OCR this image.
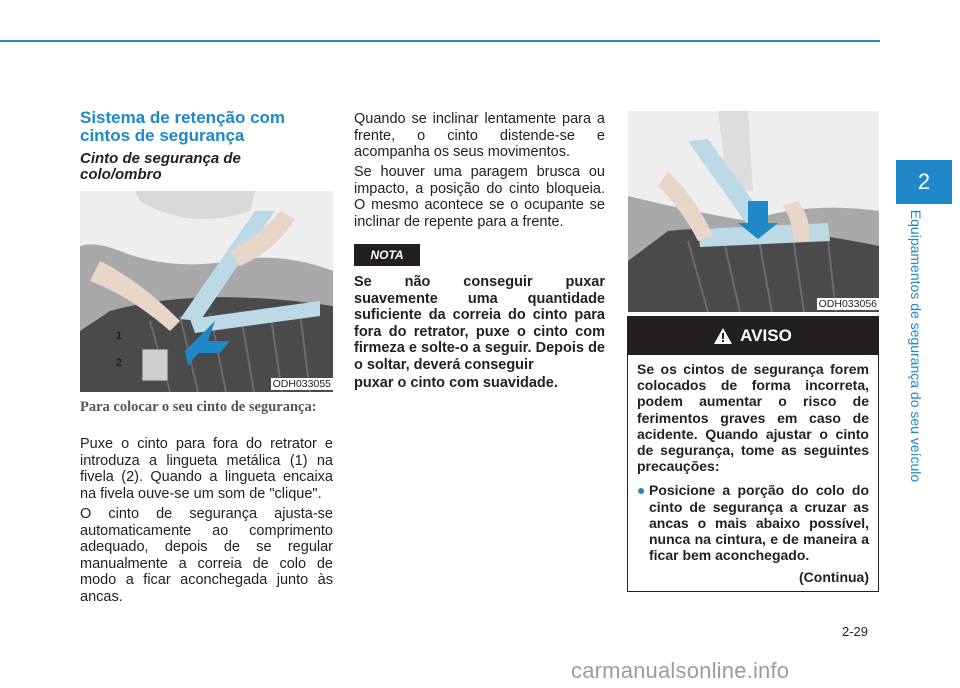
2
Equipamentos de segurança do seu veículo
Sistema de retenção com cintos de segurança
Cinto de segurança de colo/ombro
ODH033055
1
2
Para colocar o seu cinto de segurança:

Puxe o cinto para fora do retrator e introduza a lingueta metálica (1) na fivela (2). Quando a lingueta encaixa na fivela ouve-se um som de "clique".

O cinto de segurança ajusta-se automaticamente ao comprimento adequado, depois de se regular manualmente a correia de colo de modo a ficar aconchegada junto às ancas.

Quando se inclinar lentamente para a frente, o cinto distende-se e acompanha os seus movimentos.

Se houver uma paragem brusca ou impacto, a posição do cinto bloqueia. O mesmo acontece se o ocupante se inclinar de repente para a frente.

NOTA

Se não conseguir puxar suavemente uma quantidade suficiente da correia do cinto para fora do retrator, puxe o cinto com firmeza e solte-o a seguir. Depois de o soltar, deverá conseguir

puxar o cinto com suavidade.

ODH033056
AVISO

Se os cintos de segurança forem colocados de forma incorreta, podem aumentar o risco de ferimentos graves em caso de acidente. Quando ajustar o cinto de segurança, tome as seguintes precauções:

● Posicione a porção do colo do cinto de segurança a cruzar as ancas o mais abaixo possível, nunca na cintura, e de maneira a ficar bem aconchegado.

(Continua)
2-29
carmanualsonline.info
